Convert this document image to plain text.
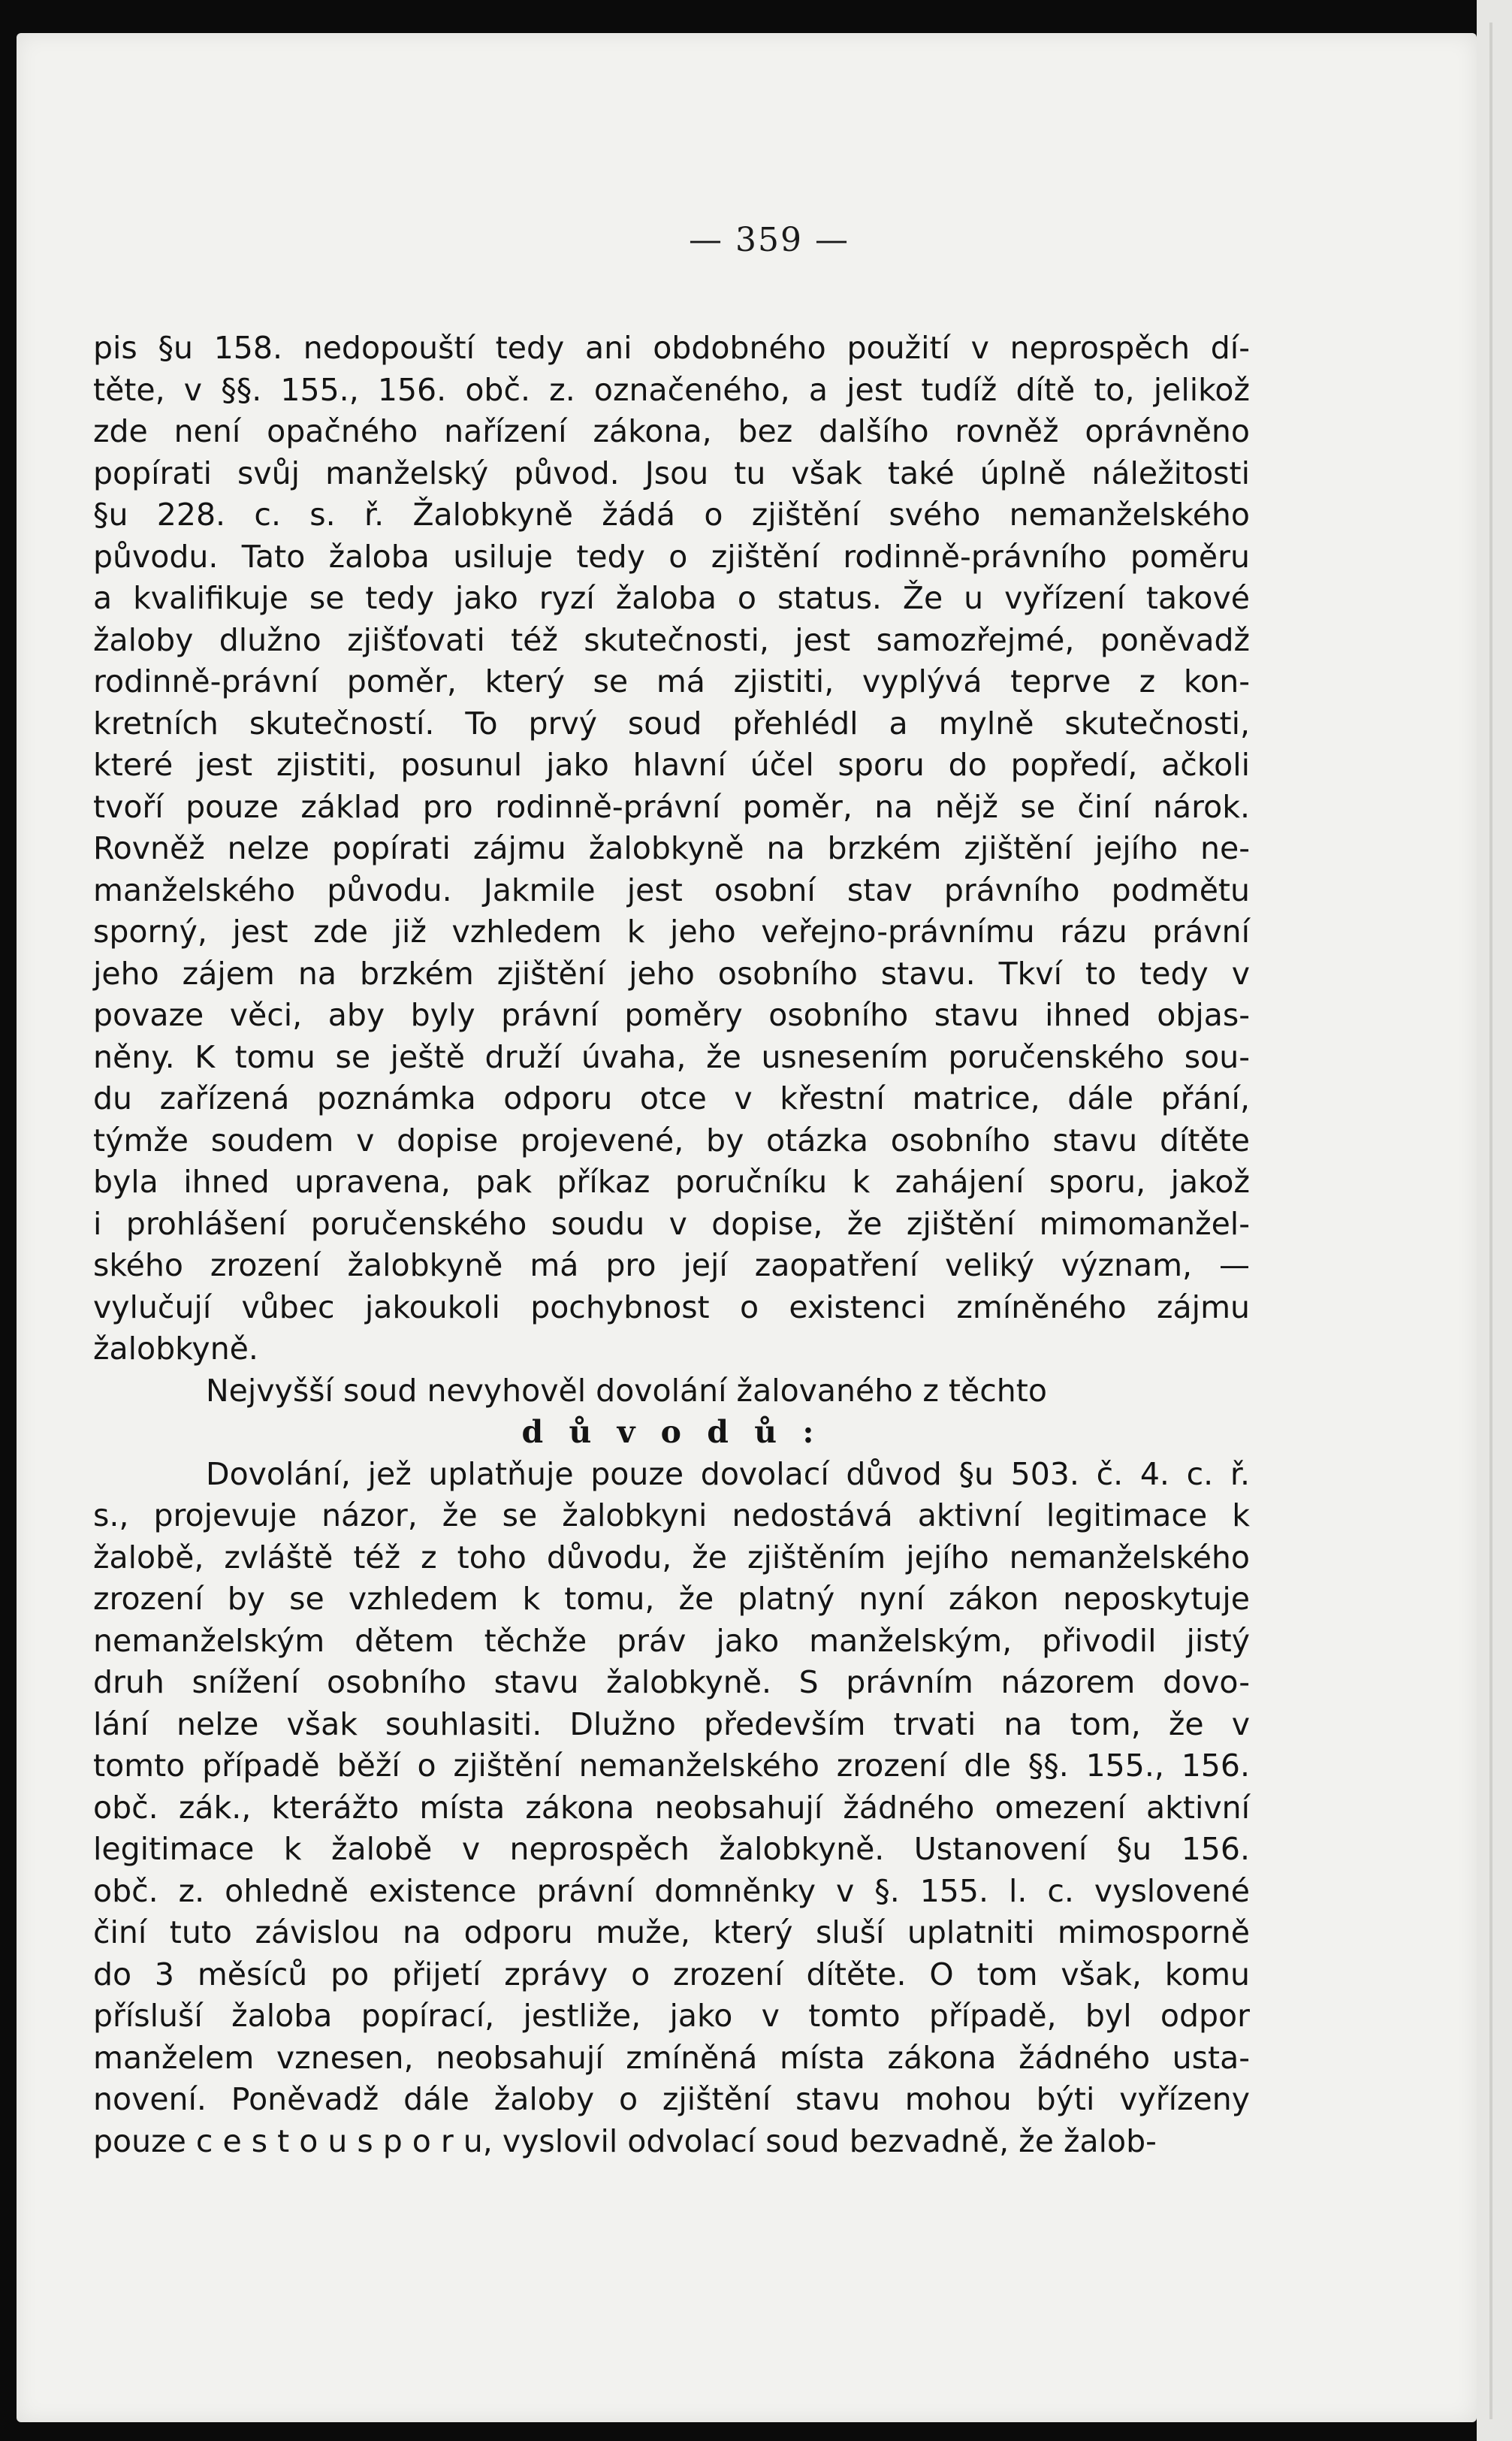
— 359 —
pis §u 158. nedopouští tedy ani obdobného použití v neprospěch dí-
těte, v §§. 155., 156. obč. z. označeného, a jest tudíž dítě to, jelikož
zde není opačného nařízení zákona, bez dalšího rovněž oprávněno
popírati svůj manželský původ. Jsou tu však také úplně náležitosti
§u 228. c. s. ř. Žalobkyně žádá o zjištění svého nemanželského
původu. Tato žaloba usiluje tedy o zjištění rodinně-právního poměru
a kvalifikuje se tedy jako ryzí žaloba o status. Že u vyřízení takové
žaloby dlužno zjišťovati též skutečnosti, jest samozřejmé, poněvadž
rodinně-právní poměr, který se má zjistiti, vyplývá teprve z kon-
kretních skutečností. To prvý soud přehlédl a mylně skutečnosti,
které jest zjistiti, posunul jako hlavní účel sporu do popředí, ačkoli
tvoří pouze základ pro rodinně-právní poměr, na nějž se činí nárok.
Rovněž nelze popírati zájmu žalobkyně na brzkém zjištění jejího ne-
manželského původu. Jakmile jest osobní stav právního podmětu
sporný, jest zde již vzhledem k jeho veřejno-právnímu rázu právní
jeho zájem na brzkém zjištění jeho osobního stavu. Tkví to tedy v
povaze věci, aby byly právní poměry osobního stavu ihned objas-
něny. K tomu se ještě druží úvaha, že usnesením poručenského sou-
du zařízená poznámka odporu otce v křestní matrice, dále přání,
týmže soudem v dopise projevené, by otázka osobního stavu dítěte
byla ihned upravena, pak příkaz poručníku k zahájení sporu, jakož
i prohlášení poručenského soudu v dopise, že zjištění mimomanžel-
ského zrození žalobkyně má pro její zaopatření veliký význam, —
vylučují vůbec jakoukoli pochybnost o existenci zmíněného zájmu
žalobkyně.
Nejvyšší soud nevyhověl dovolání žalovaného z těchto
d ů v o d ů :
Dovolání, jež uplatňuje pouze dovolací důvod §u 503. č. 4. c. ř.
s., projevuje názor, že se žalobkyni nedostává aktivní legitimace k
žalobě, zvláště též z toho důvodu, že zjištěním jejího nemanželského
zrození by se vzhledem k tomu, že platný nyní zákon neposkytuje
nemanželským dětem těchže práv jako manželským, přivodil jistý
druh snížení osobního stavu žalobkyně. S právním názorem dovo-
lání nelze však souhlasiti. Dlužno především trvati na tom, že v
tomto případě běží o zjištění nemanželského zrození dle §§. 155., 156.
obč. zák., kterážto místa zákona neobsahují žádného omezení aktivní
legitimace k žalobě v neprospěch žalobkyně. Ustanovení §u 156.
obč. z. ohledně existence právní domněnky v §. 155. l. c. vyslovené
činí tuto závislou na odporu muže, který sluší uplatniti mimosporně
do 3 měsíců po přijetí zprávy o zrození dítěte. O tom však, komu
přísluší žaloba popírací, jestliže, jako v tomto případě, byl odpor
manželem vznesen, neobsahují zmíněná místa zákona žádného usta-
novení. Poněvadž dále žaloby o zjištění stavu mohou býti vyřízeny
pouze c e s t o u s p o r u, vyslovil odvolací soud bezvadně, že žalob-
